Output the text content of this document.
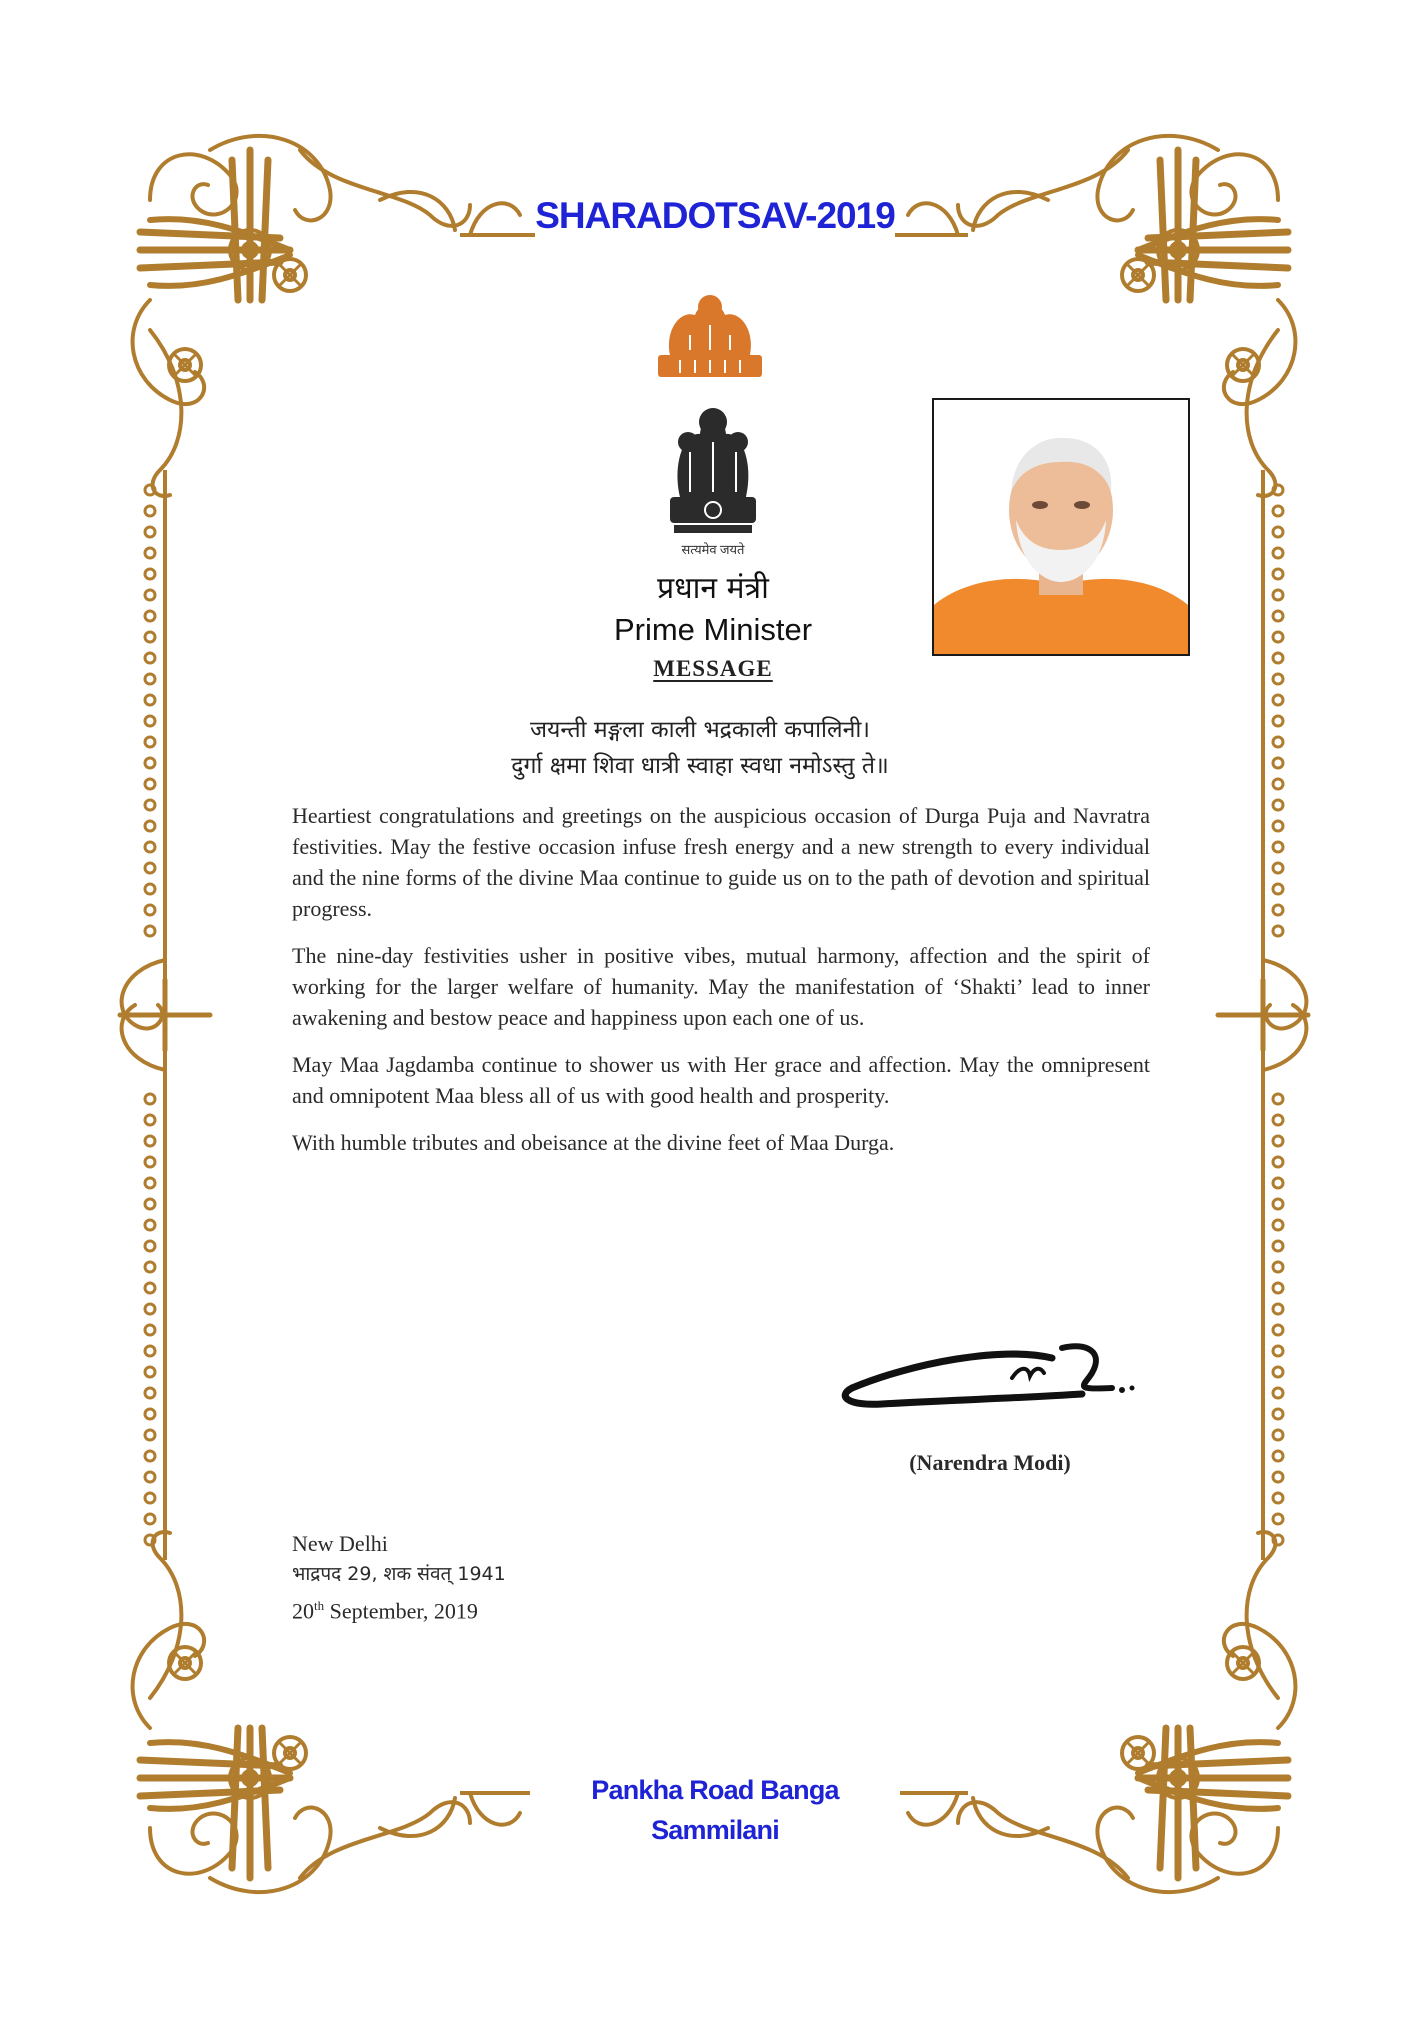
SHARADOTSAV-2019
सत्यमेव जयते
प्रधान मंत्री
Prime Minister
MESSAGE
जयन्ती मङ्गला काली भद्रकाली कपालिनी।
दुर्गा क्षमा शिवा धात्री स्वाहा स्वधा नमोऽस्तु ते॥

Heartiest congratulations and greetings on the auspicious occasion of Durga Puja and Navratra festivities. May the festive occasion infuse fresh energy and a new strength to every individual and the nine forms of the divine Maa continue to guide us on to the path of devotion and spiritual progress.

The nine-day festivities usher in positive vibes, mutual harmony, affection and the spirit of working for the larger welfare of humanity. May the manifestation of ‘Shakti’ lead to inner awakening and bestow peace and happiness upon each one of us.

May Maa Jagdamba continue to shower us with Her grace and affection. May the omnipresent and omnipotent Maa bless all of us with good health and prosperity.

With humble tributes and obeisance at the divine feet of Maa Durga.

(Narendra Modi)
New Delhi
भाद्रपद 29, शक संवत् 1941
20th September, 2019
Pankha Road Banga Sammilani
